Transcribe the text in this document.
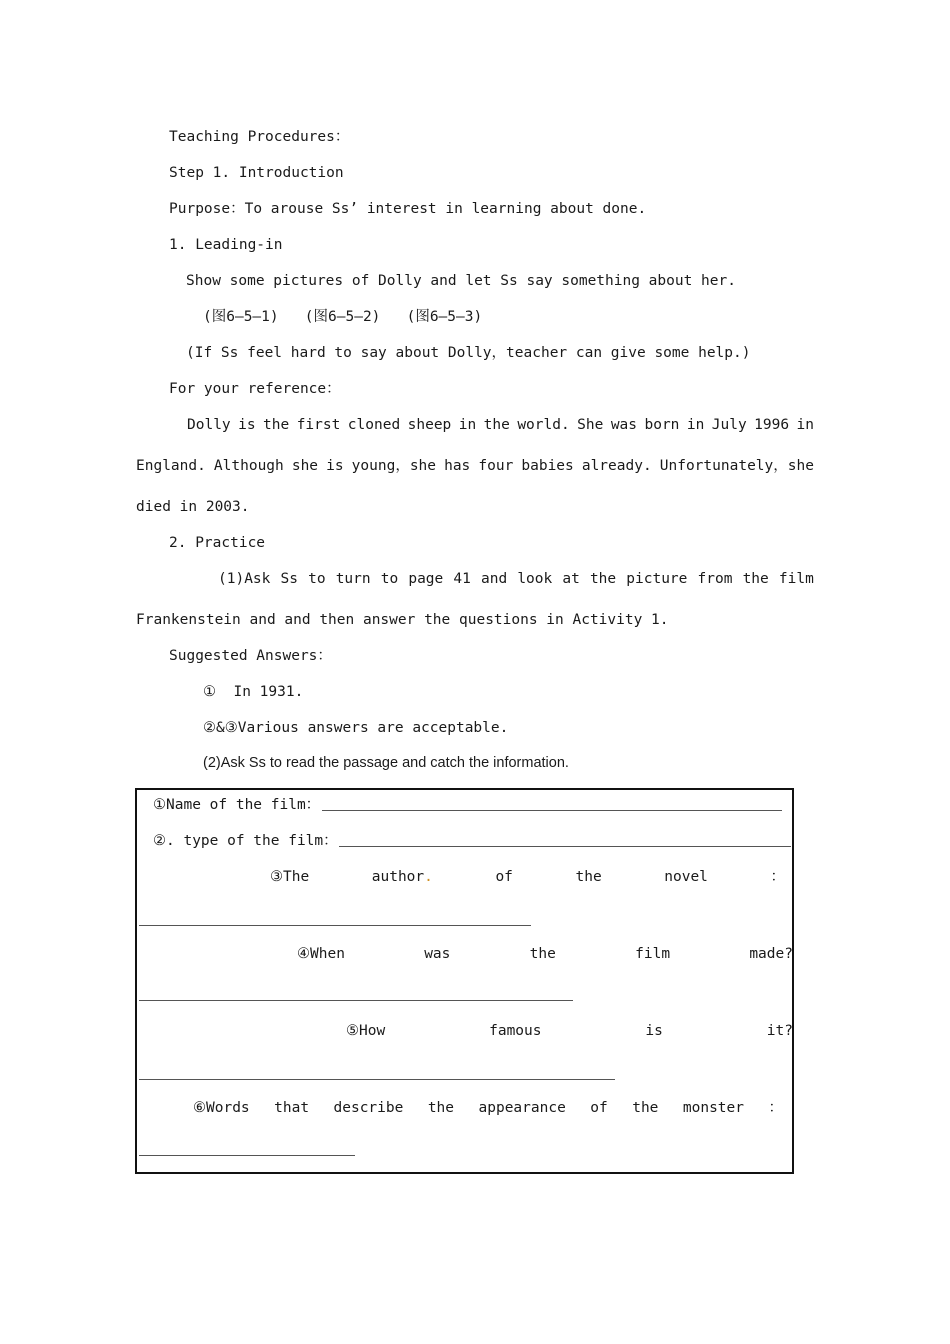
Teaching Procedures：
Step 1. Introduction
Purpose：To arouse Ss’ interest in learning about done.
1. Leading-in
Show some pictures of Dolly and let Ss say something about her.
(图6—5—1)   (图6—5—2)   (图6—5—3)
(If Ss feel hard to say about Dolly，teacher can give some help.)
For your reference：
Dolly is the first cloned sheep in the world. She was born in July 1996 in
England. Although she is young，she has four babies already. Unfortunately，she
died in 2003.
2. Practice
(1)Ask Ss to turn to page 41 and look at the picture from the film
Frankenstein and and then answer the questions in Activity 1.
Suggested Answers：
①  In 1931.
②&③Various answers are acceptable.
(2)Ask Ss to read the passage and catch the information.
①Name of the film：
②. type of the film：
③The	author.	of	the	novel	：
④When	was	the	film	made?
⑤How	famous	is	it?
⑥Words that describe the appearance of the monster ：
